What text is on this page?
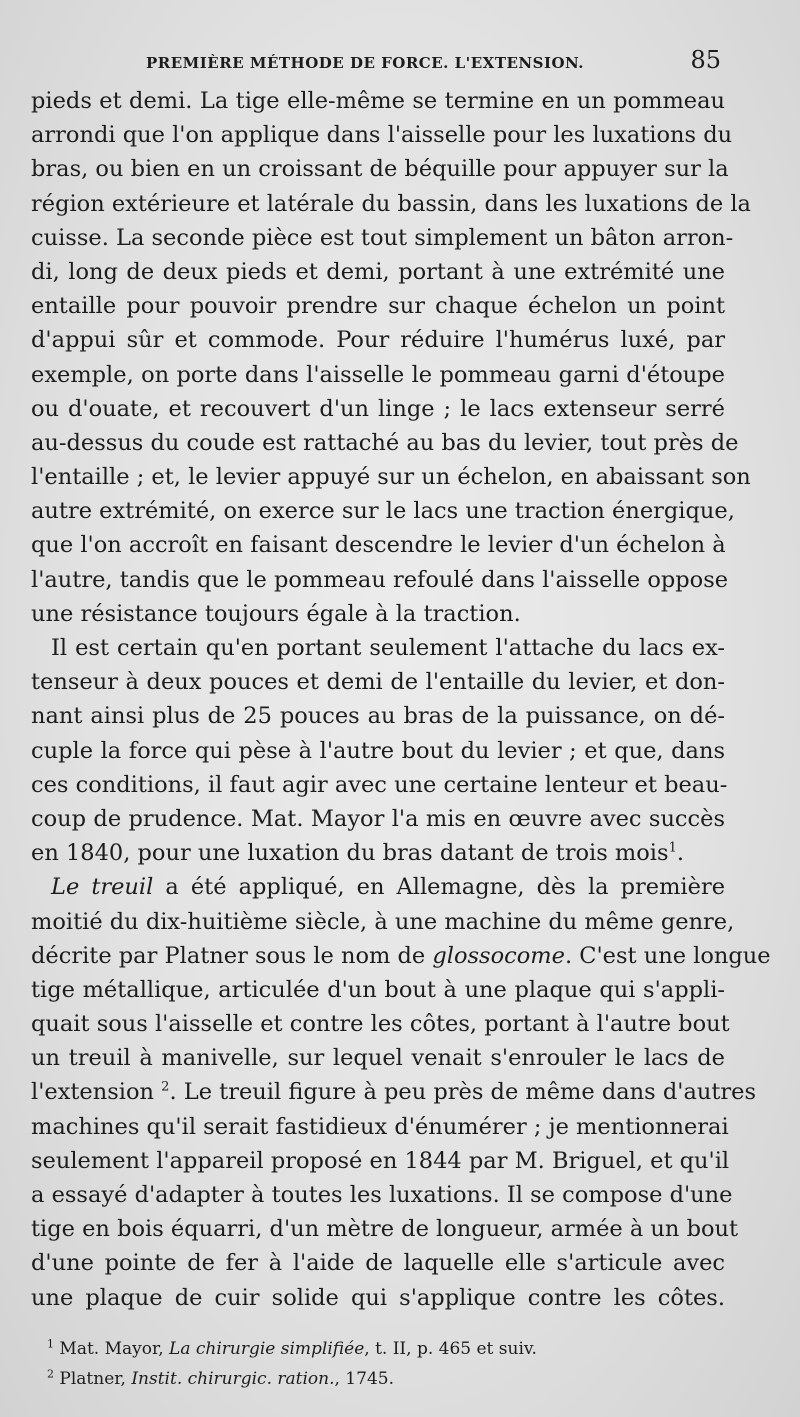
PREMIÈRE MÉTHODE DE FORCE. L'EXTENSION.	85
pieds et demi. La tige elle-même se termine en un pommeau
arrondi que l'on applique dans l'aisselle pour les luxations du
bras, ou bien en un croissant de béquille pour appuyer sur la
région extérieure et latérale du bassin, dans les luxations de la
cuisse. La seconde pièce est tout simplement un bâton arron-
di, long de deux pieds et demi, portant à une extrémité une
entaille pour pouvoir prendre sur chaque échelon un point
d'appui sûr et commode. Pour réduire l'humérus luxé, par
exemple, on porte dans l'aisselle le pommeau garni d'étoupe
ou d'ouate, et recouvert d'un linge ; le lacs extenseur serré
au-dessus du coude est rattaché au bas du levier, tout près de
l'entaille ; et, le levier appuyé sur un échelon, en abaissant son
autre extrémité, on exerce sur le lacs une traction énergique,
que l'on accroît en faisant descendre le levier d'un échelon à
l'autre, tandis que le pommeau refoulé dans l'aisselle oppose
une résistance toujours égale à la traction.
Il est certain qu'en portant seulement l'attache du lacs ex-
tenseur à deux pouces et demi de l'entaille du levier, et don-
nant ainsi plus de 25 pouces au bras de la puissance, on dé-
cuple la force qui pèse à l'autre bout du levier ; et que, dans
ces conditions, il faut agir avec une certaine lenteur et beau-
coup de prudence. Mat. Mayor l'a mis en œuvre avec succès
en 1840, pour une luxation du bras datant de trois mois$^1$.
Le treuil a été appliqué, en Allemagne, dès la première
moitié du dix-huitième siècle, à une machine du même genre,
décrite par Platner sous le nom de glossocome. C'est une longue
tige métallique, articulée d'un bout à une plaque qui s'appli-
quait sous l'aisselle et contre les côtes, portant à l'autre bout
un treuil à manivelle, sur lequel venait s'enrouler le lacs de
l'extension $^2$. Le treuil figure à peu près de même dans d'autres
machines qu'il serait fastidieux d'énumérer ; je mentionnerai
seulement l'appareil proposé en 1844 par M. Briguel, et qu'il
a essayé d'adapter à toutes les luxations. Il se compose d'une
tige en bois équarri, d'un mètre de longueur, armée à un bout
d'une pointe de fer à l'aide de laquelle elle s'articule avec
une plaque de cuir solide qui s'applique contre les côtes.
$^1$ Mat. Mayor, La chirurgie simplifiée, t. II, p. 465 et suiv.
$^2$ Platner, Instit. chirurgic. ration., 1745.
